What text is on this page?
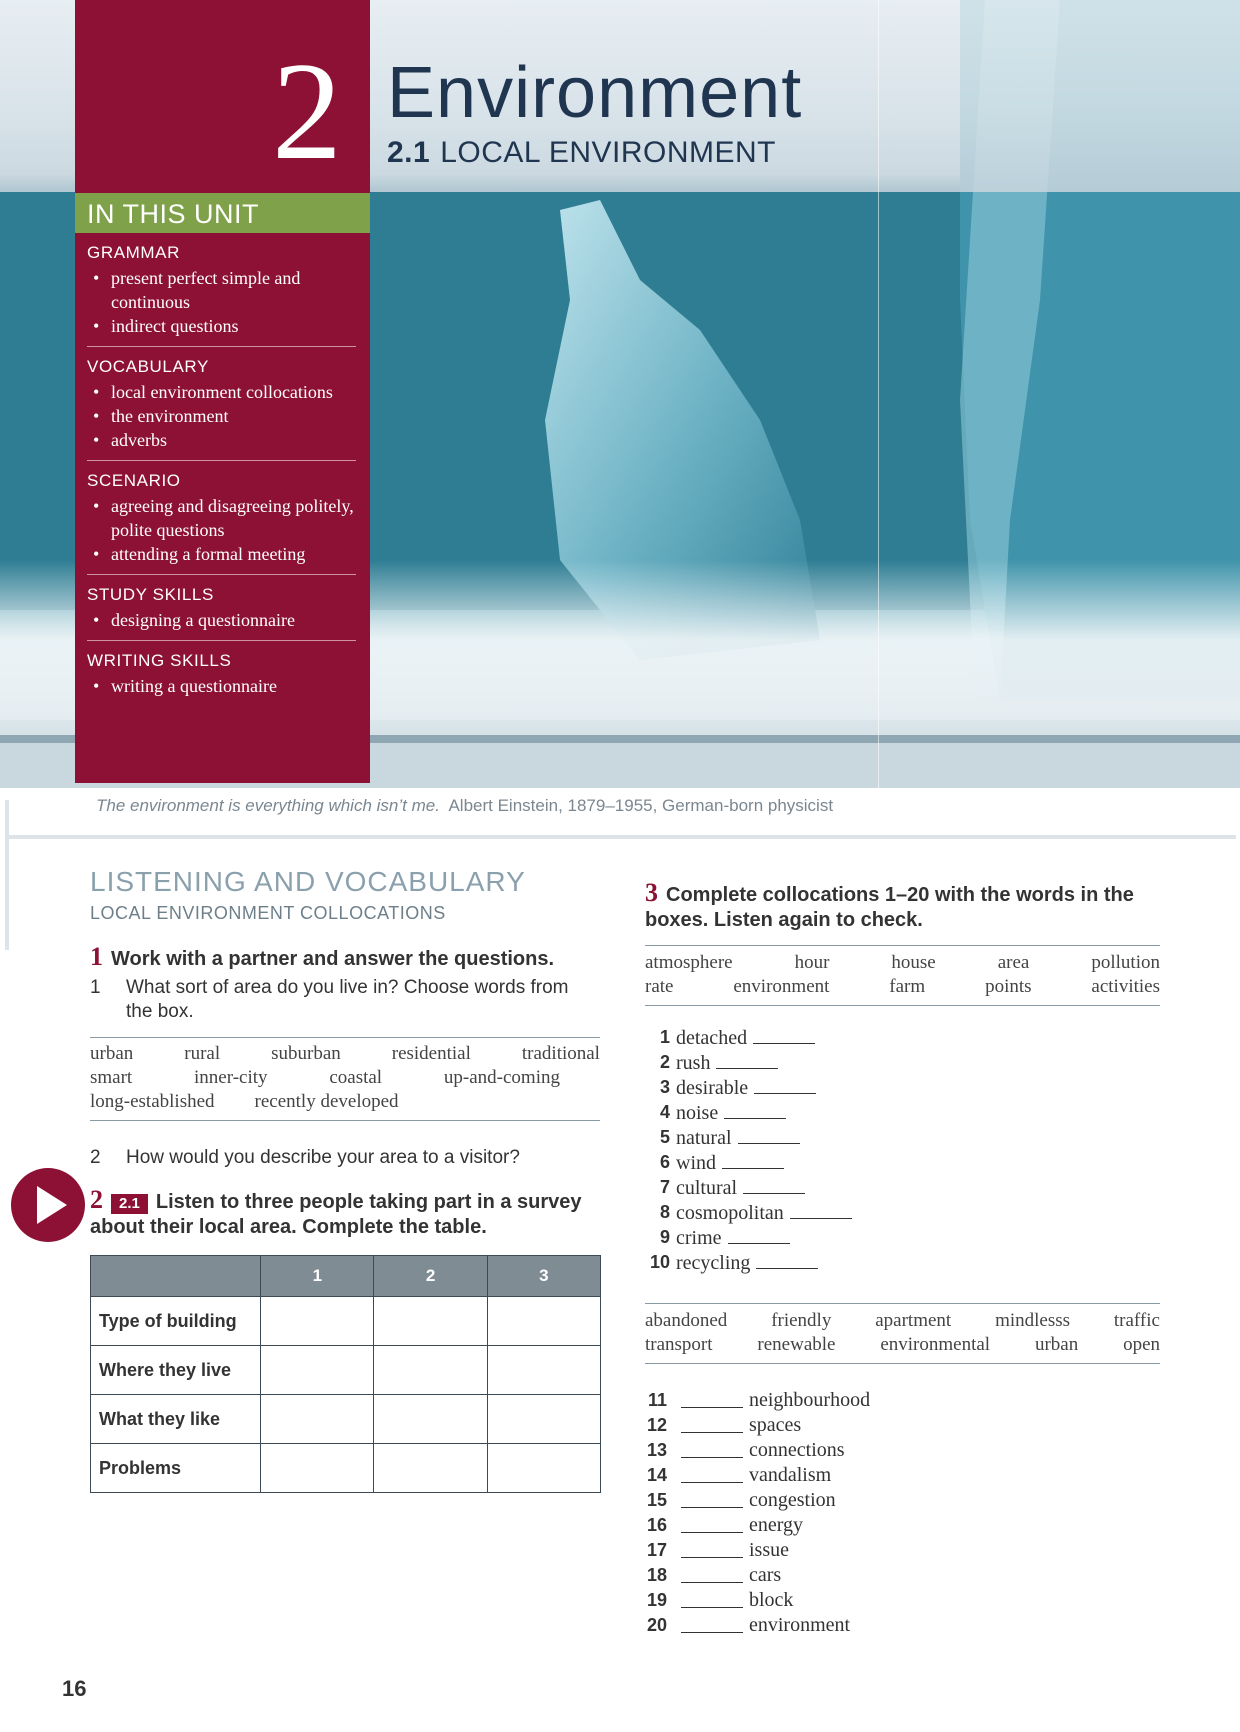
2 Environment
2.1 LOCAL ENVIRONMENT
IN THIS UNIT
GRAMMAR
• present perfect simple and continuous
• indirect questions
VOCABULARY
• local environment collocations
• the environment
• adverbs
SCENARIO
• agreeing and disagreeing politely, polite questions
• attending a formal meeting
STUDY SKILLS
• designing a questionnaire
WRITING SKILLS
• writing a questionnaire
The environment is everything which isn’t me. Albert Einstein, 1879–1955, German-born physicist
LISTENING AND VOCABULARY
LOCAL ENVIRONMENT COLLOCATIONS
1 Work with a partner and answer the questions.
1 What sort of area do you live in? Choose words from the box.
urban	rural	suburban	residential	traditional
smart	inner-city	coastal	up-and-coming
long-established recently developed
2 How would you describe your area to a visitor?
2 2.1 Listen to three people taking part in a survey about their local area. Complete the table.
	1	2	3
Type of building			
Where they live			
What they like			
Problems			
3 Complete collocations 1–20 with the words in the boxes. Listen again to check.
atmosphere	hour	house	area	pollution
rate	environment	farm	points	activities
1 detached
2 rush
3 desirable
4 noise
5 natural
6 wind
7 cultural
8 cosmopolitan
9 crime
10 recycling
abandoned friendly apartment mindlesss traffic
transport renewable environmental urban open
11	neighbourhood
12	spaces
13	connections
14	vandalism
15	congestion
16	energy
17	issue
18	cars
19	block
20	environment
16
